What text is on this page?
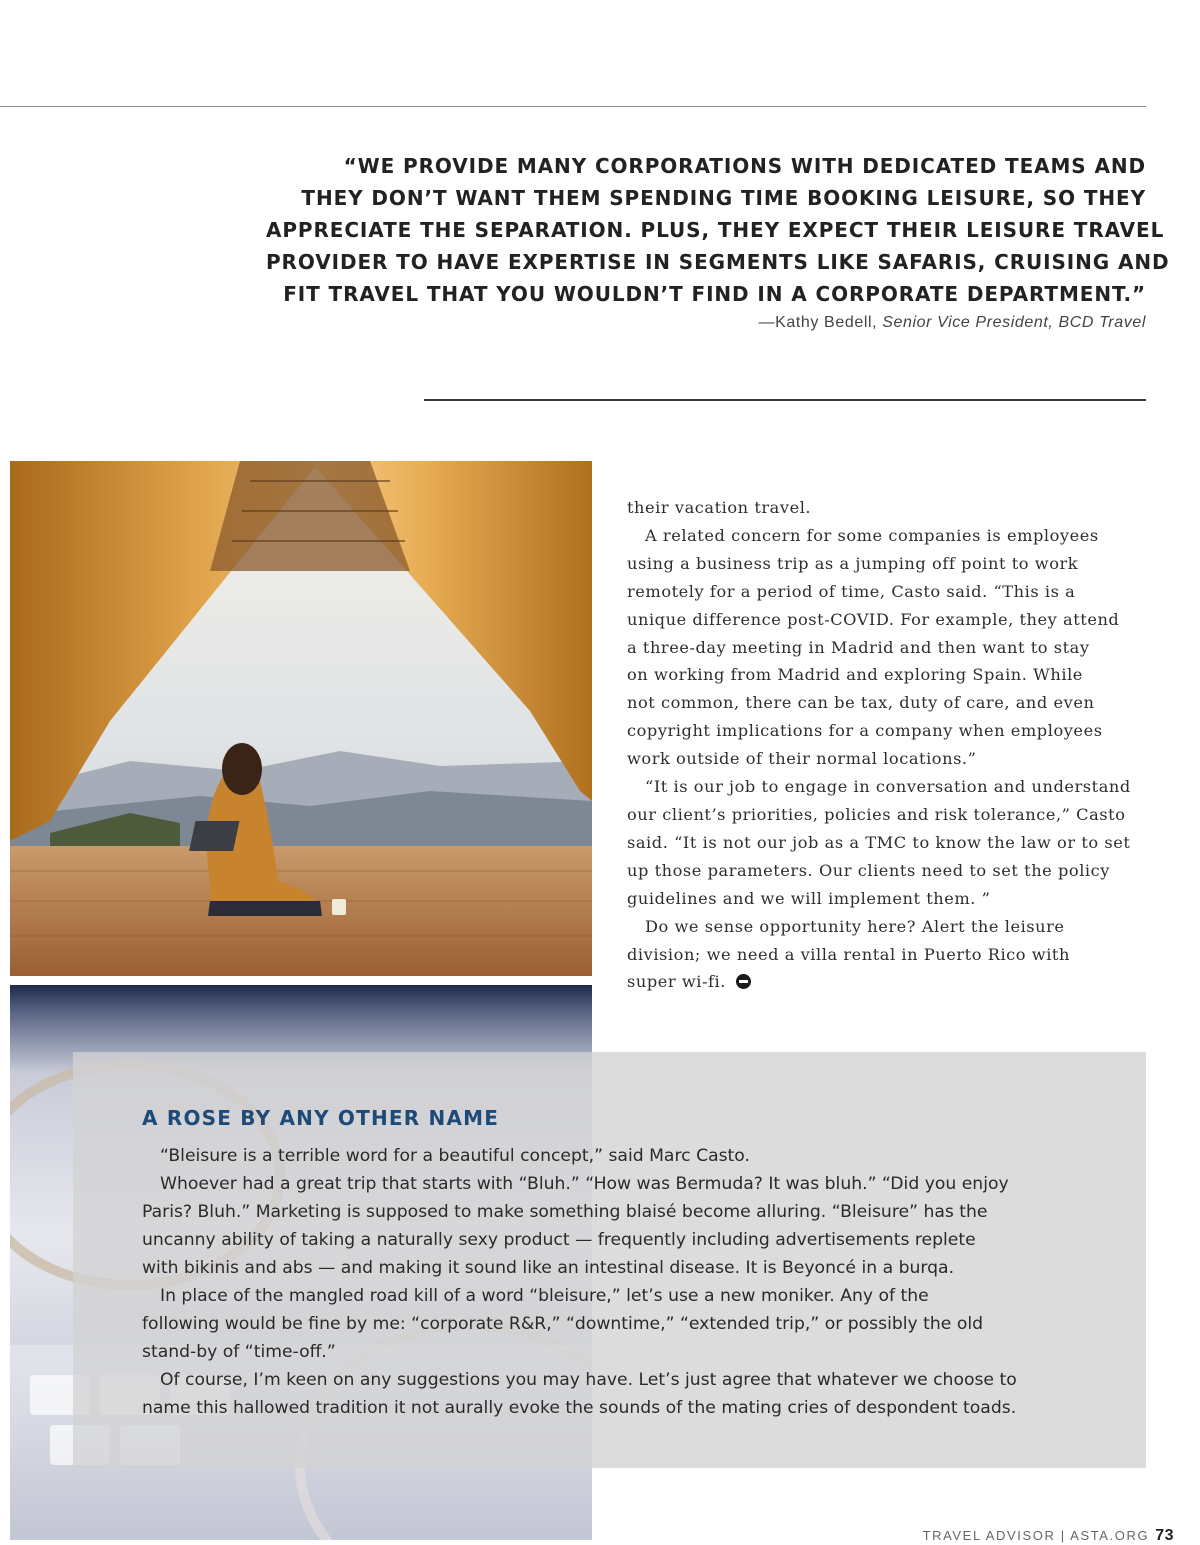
“WE PROVIDE MANY CORPORATIONS WITH DEDICATED TEAMS AND
THEY DON’T WANT THEM SPENDING TIME BOOKING LEISURE, SO THEY
APPRECIATE THE SEPARATION. PLUS, THEY EXPECT THEIR LEISURE TRAVEL
PROVIDER TO HAVE EXPERTISE IN SEGMENTS LIKE SAFARIS, CRUISING AND
FIT TRAVEL THAT YOU WOULDN’T FIND IN A CORPORATE DEPARTMENT.”
—Kathy Bedell, Senior Vice President, BCD Travel
their vacation travel.
A related concern for some companies is employees
using a business trip as a jumping off point to work
remotely for a period of time, Casto said. “This is a
unique difference post-COVID. For example, they attend
a three-day meeting in Madrid and then want to stay
on working from Madrid and exploring Spain. While
not common, there can be tax, duty of care, and even
copyright implications for a company when employees
work outside of their normal locations.”
“It is our job to engage in conversation and understand
our client’s priorities, policies and risk tolerance,” Casto
said. “It is not our job as a TMC to know the law or to set
up those parameters. Our clients need to set the policy
guidelines and we will implement them. ”
Do we sense opportunity here? Alert the leisure
division; we need a villa rental in Puerto Rico with
super wi-fi.
A ROSE BY ANY OTHER NAME
“Bleisure is a terrible word for a beautiful concept,” said Marc Casto.
Whoever had a great trip that starts with “Bluh.” “How was Bermuda? It was bluh.” “Did you enjoy
Paris? Bluh.” Marketing is supposed to make something blaisé become alluring. “Bleisure” has the
uncanny ability of taking a naturally sexy product — frequently including advertisements replete
with bikinis and abs — and making it sound like an intestinal disease. It is Beyoncé in a burqa.
In place of the mangled road kill of a word “bleisure,” let’s use a new moniker. Any of the
following would be fine by me: “corporate R&R,” “downtime,” “extended trip,” or possibly the old
stand-by of “time-off.”
Of course, I’m keen on any suggestions you may have. Let’s just agree that whatever we choose to
name this hallowed tradition it not aurally evoke the sounds of the mating cries of despondent toads.
TRAVEL ADVISOR | ASTA.ORG 73
